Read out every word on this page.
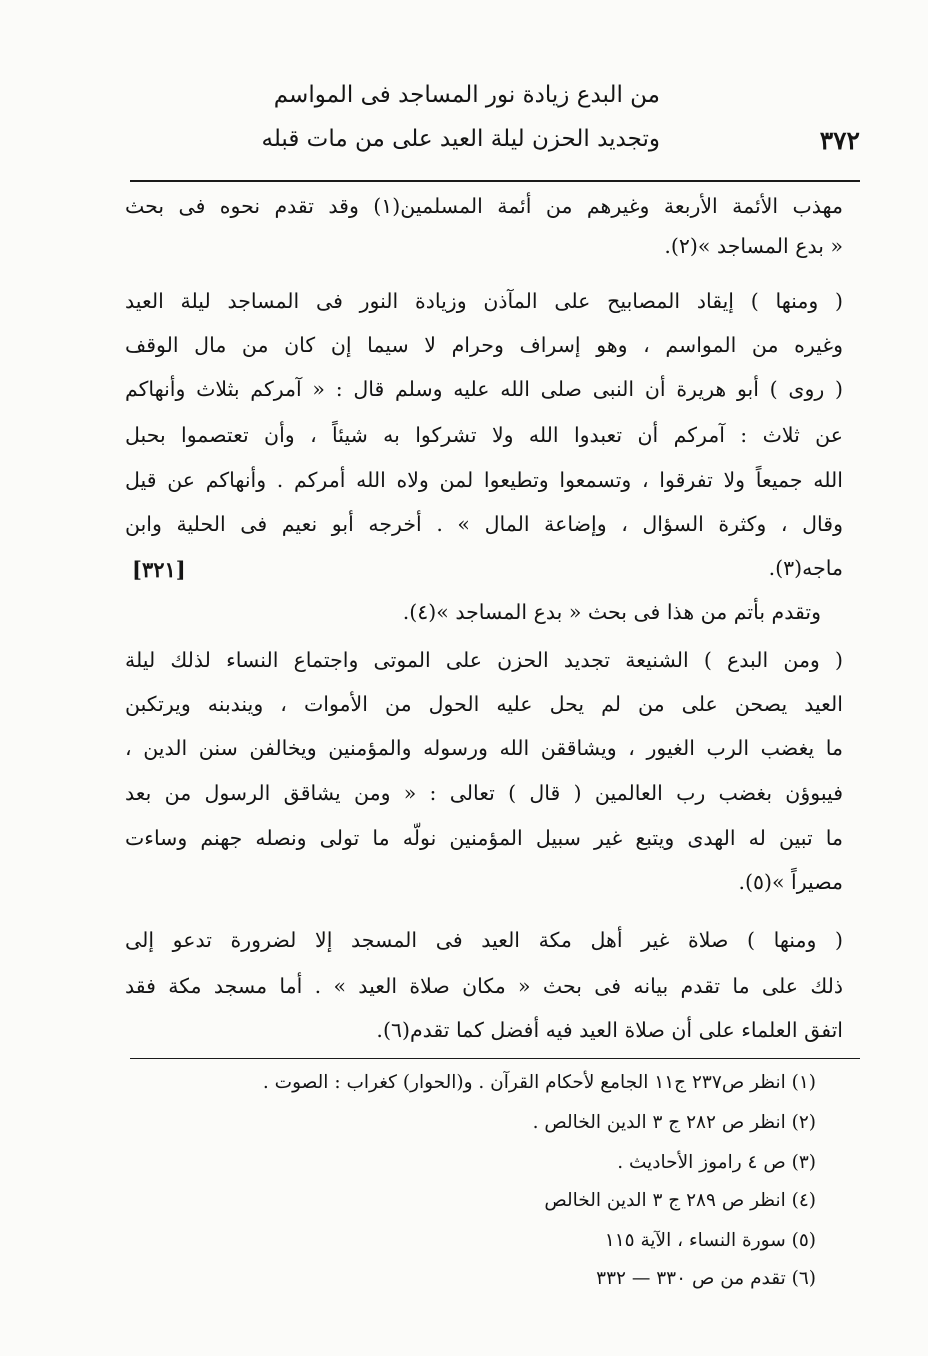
من البدع زيادة نور المساجد فى المواسم
وتجديد الحزن ليلة العيد على من مات قبله	٣٧٢
مهذب الأئمة الأربعة وغيرهم من أئمة المسلمين(١) وقد تقدم نحوه فى بحث
« بدع المساجد »(٢).
( ومنها ) إيقاد المصابيح على المآذن وزيادة النور فى المساجد ليلة العيد
وغيره من المواسم ، وهو إسراف وحرام لا سيما إن كان من مال الوقف
( روى ) أبو هريرة أن النبى صلى الله عليه وسلم قال : « آمركم بثلاث وأنهاكم
عن ثلاث : آمركم أن تعبدوا الله ولا تشركوا به شيئاً ، وأن تعتصموا بحبل
الله جميعاً ولا تفرقوا ، وتسمعوا وتطيعوا لمن ولاه الله أمركم . وأنهاكم عن قيل
وقال ، وكثرة السؤال ، وإضاعة المال » . أخرجه أبو نعيم فى الحلية وابن
ماجه(٣).
وتقدم بأتم من هذا فى بحث « بدع المساجد »(٤).
( ومن البدع ) الشنيعة تجديد الحزن على الموتى واجتماع النساء لذلك ليلة
العيد يصحن على من لم يحل عليه الحول من الأموات ، ويندبنه ويرتكبن
ما يغضب الرب الغيور ، ويشاققن الله ورسوله والمؤمنين ويخالفن سنن الدين ،
فيبوؤن بغضب رب العالمين ( قال ) تعالى : « ومن يشاقق الرسول من بعد
ما تبين له الهدى ويتبع غير سبيل المؤمنين نولّه ما تولى ونصله جهنم وساءت
مصيراً »(٥).
( ومنها ) صلاة غير أهل مكة العيد فى المسجد إلا لضرورة تدعو إلى
ذلك على ما تقدم بيانه فى بحث « مكان صلاة العيد » . أما مسجد مكة فقد
اتفق العلماء على أن صلاة العيد فيه أفضل كما تقدم(٦).
[٣٢١]
(١) انظر ص٢٣٧ ج١١ الجامع لأحكام القرآن . و(الحوار) كغراب : الصوت .
(٢) انظر ص ٢٨٢ ج ٣ الدين الخالص .
(٣) ص ٤ راموز الأحاديث .
(٤) انظر ص ٢٨٩ ج ٣ الدين الخالص
(٥) سورة النساء ، الآية ١١٥
(٦) تقدم من ص ٣٣٠ — ٣٣٢
